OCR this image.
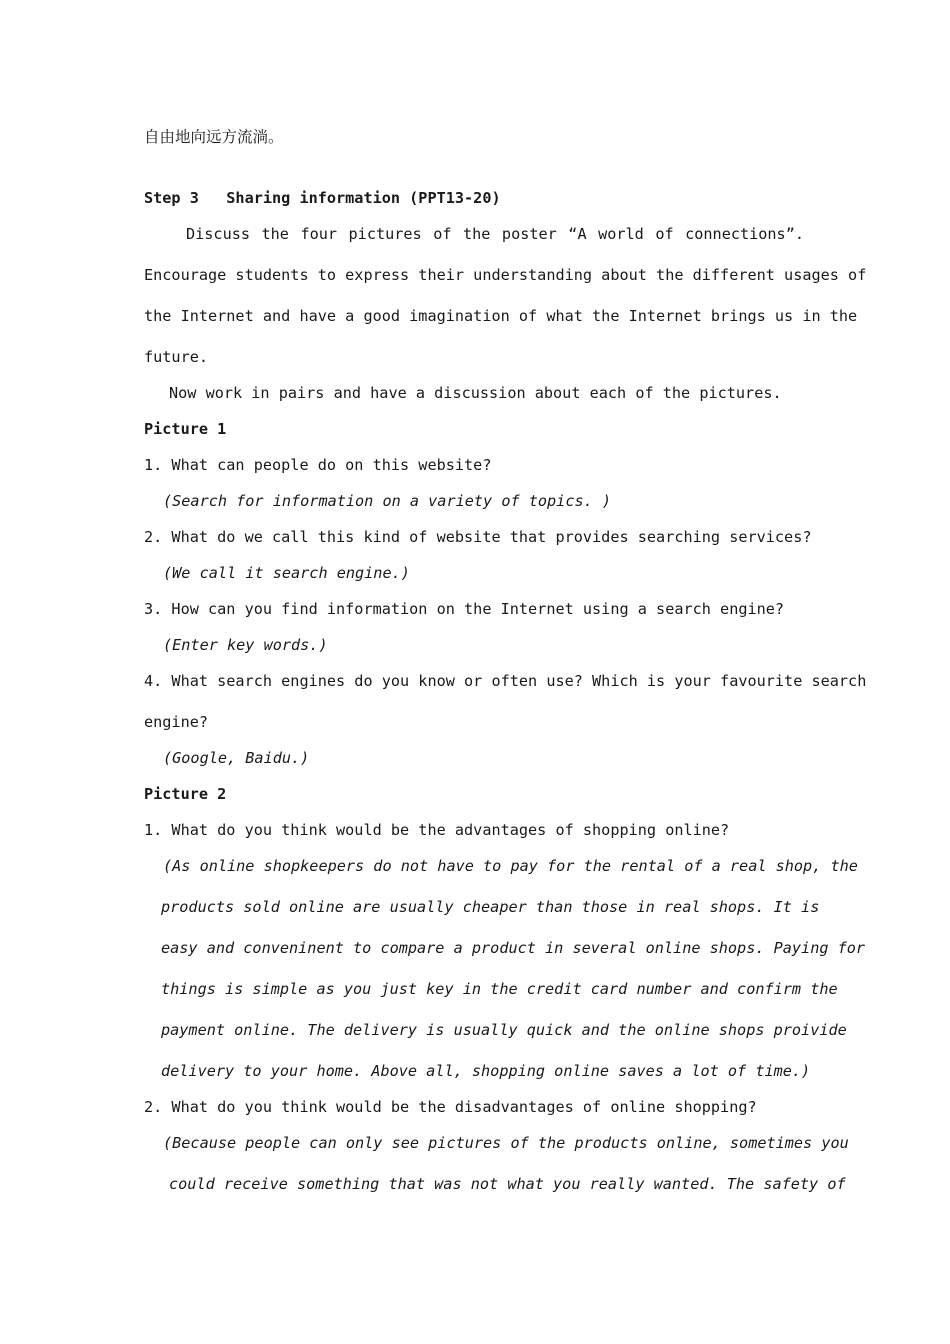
自由地向远方流淌。
Step 3   Sharing information (PPT13-20)
Discuss the four pictures of the poster “A world of connections”.
Encourage students to express their understanding about the different usages of
the Internet and have a good imagination of what the Internet brings us in the
future.
Now work in pairs and have a discussion about each of the pictures.
Picture 1
1. What can people do on this website?
(Search for information on a variety of topics. )
2. What do we call this kind of website that provides searching services?
(We call it search engine.)
3. How can you find information on the Internet using a search engine?
(Enter key words.)
4. What search engines do you know or often use? Which is your favourite search
engine?
(Google, Baidu.)
Picture 2
1. What do you think would be the advantages of shopping online?
(As online shopkeepers do not have to pay for the rental of a real shop, the
products sold online are usually cheaper than those in real shops. It is
easy and conveninent to compare a product in several online shops. Paying for
things is simple as you just key in the credit card number and confirm the
payment online. The delivery is usually quick and the online shops proivide
delivery to your home. Above all, shopping online saves a lot of time.)
2. What do you think would be the disadvantages of online shopping?
(Because people can only see pictures of the products online, sometimes you
could receive something that was not what you really wanted. The safety of
